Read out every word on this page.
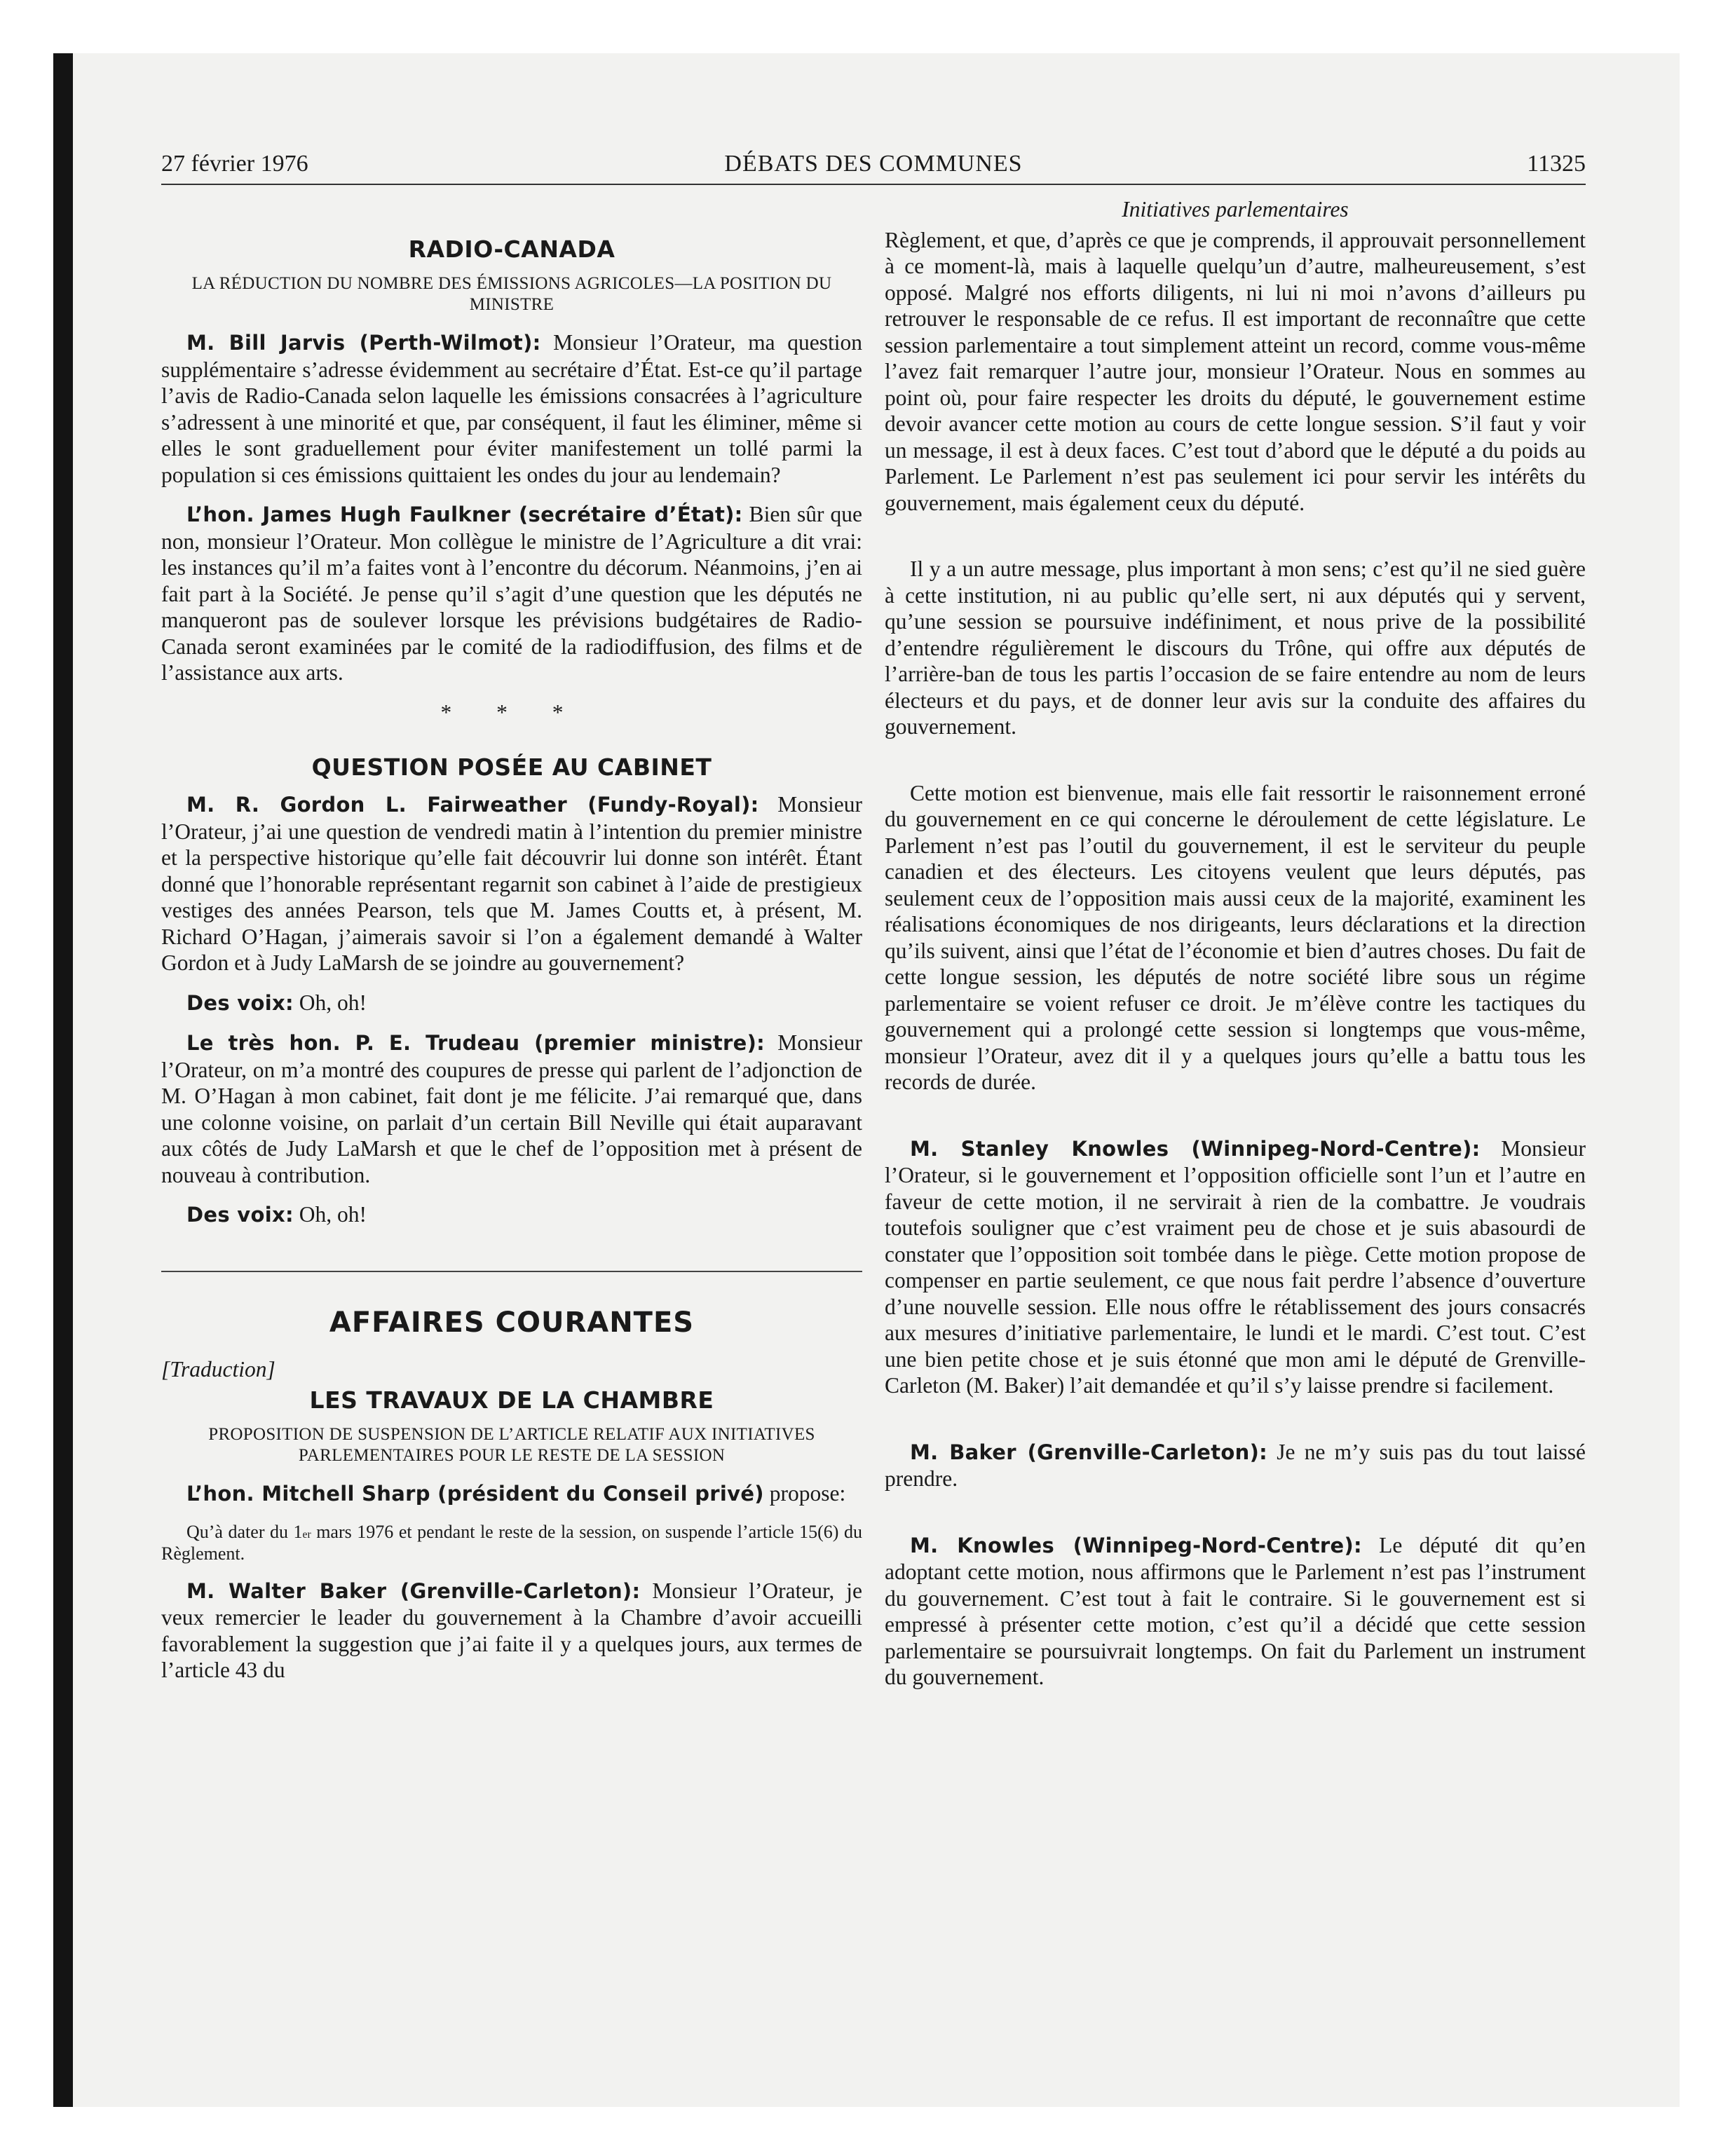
27 février 1976	DÉBATS DES COMMUNES	11325
RADIO-CANADA
LA RÉDUCTION DU NOMBRE DES ÉMISSIONS AGRICOLES—LA POSITION DU MINISTRE

M. Bill Jarvis (Perth-Wilmot): Monsieur l’Orateur, ma question supplémentaire s’adresse évidemment au secrétaire d’État. Est-ce qu’il partage l’avis de Radio-Canada selon laquelle les émissions consacrées à l’agriculture s’adressent à une minorité et que, par conséquent, il faut les éliminer, même si elles le sont graduellement pour éviter manifestement un tollé parmi la population si ces émissions quittaient les ondes du jour au lendemain?

L’hon. James Hugh Faulkner (secrétaire d’État): Bien sûr que non, monsieur l’Orateur. Mon collègue le ministre de l’Agriculture a dit vrai: les instances qu’il m’a faites vont à l’encontre du décorum. Néanmoins, j’en ai fait part à la Société. Je pense qu’il s’agit d’une question que les députés ne manqueront pas de soulever lorsque les prévisions budgétaires de Radio-Canada seront examinées par le comité de la radiodiffusion, des films et de l’assistance aux arts.

* * *
QUESTION POSÉE AU CABINET

M. R. Gordon L. Fairweather (Fundy-Royal): Monsieur l’Orateur, j’ai une question de vendredi matin à l’intention du premier ministre et la perspective historique qu’elle fait découvrir lui donne son intérêt. Étant donné que l’honorable représentant regarnit son cabinet à l’aide de prestigieux vestiges des années Pearson, tels que M. James Coutts et, à présent, M. Richard O’Hagan, j’aimerais savoir si l’on a également demandé à Walter Gordon et à Judy LaMarsh de se joindre au gouvernement?

Des voix: Oh, oh!

Le très hon. P. E. Trudeau (premier ministre): Monsieur l’Orateur, on m’a montré des coupures de presse qui parlent de l’adjonction de M. O’Hagan à mon cabinet, fait dont je me félicite. J’ai remarqué que, dans une colonne voisine, on parlait d’un certain Bill Neville qui était auparavant aux côtés de Judy LaMarsh et que le chef de l’opposition met à présent de nouveau à contribution.

Des voix: Oh, oh!

AFFAIRES COURANTES
[Traduction]
LES TRAVAUX DE LA CHAMBRE
PROPOSITION DE SUSPENSION DE L’ARTICLE RELATIF AUX INITIATIVES PARLEMENTAIRES POUR LE RESTE DE LA SESSION

L’hon. Mitchell Sharp (président du Conseil privé) propose:

Qu’à dater du 1er mars 1976 et pendant le reste de la session, on suspende l’article 15(6) du Règlement.

M. Walter Baker (Grenville-Carleton): Monsieur l’Orateur, je veux remercier le leader du gouvernement à la Chambre d’avoir accueilli favorablement la suggestion que j’ai faite il y a quelques jours, aux termes de l’article 43 du

Initiatives parlementaires

Règlement, et que, d’après ce que je comprends, il approuvait personnellement à ce moment-là, mais à laquelle quelqu’un d’autre, malheureusement, s’est opposé. Malgré nos efforts diligents, ni lui ni moi n’avons d’ailleurs pu retrouver le responsable de ce refus. Il est important de reconnaître que cette session parlementaire a tout simplement atteint un record, comme vous-même l’avez fait remarquer l’autre jour, monsieur l’Orateur. Nous en sommes au point où, pour faire respecter les droits du député, le gouvernement estime devoir avancer cette motion au cours de cette longue session. S’il faut y voir un message, il est à deux faces. C’est tout d’abord que le député a du poids au Parlement. Le Parlement n’est pas seulement ici pour servir les intérêts du gouvernement, mais également ceux du député.

Il y a un autre message, plus important à mon sens; c’est qu’il ne sied guère à cette institution, ni au public qu’elle sert, ni aux députés qui y servent, qu’une session se poursuive indéfiniment, et nous prive de la possibilité d’entendre régulièrement le discours du Trône, qui offre aux députés de l’arrière-ban de tous les partis l’occasion de se faire entendre au nom de leurs électeurs et du pays, et de donner leur avis sur la conduite des affaires du gouvernement.

Cette motion est bienvenue, mais elle fait ressortir le raisonnement erroné du gouvernement en ce qui concerne le déroulement de cette législature. Le Parlement n’est pas l’outil du gouvernement, il est le serviteur du peuple canadien et des électeurs. Les citoyens veulent que leurs députés, pas seulement ceux de l’opposition mais aussi ceux de la majorité, examinent les réalisations économiques de nos dirigeants, leurs déclarations et la direction qu’ils suivent, ainsi que l’état de l’économie et bien d’autres choses. Du fait de cette longue session, les députés de notre société libre sous un régime parlementaire se voient refuser ce droit. Je m’élève contre les tactiques du gouvernement qui a prolongé cette session si longtemps que vous-même, monsieur l’Orateur, avez dit il y a quelques jours qu’elle a battu tous les records de durée.

M. Stanley Knowles (Winnipeg-Nord-Centre): Monsieur l’Orateur, si le gouvernement et l’opposition officielle sont l’un et l’autre en faveur de cette motion, il ne servirait à rien de la combattre. Je voudrais toutefois souligner que c’est vraiment peu de chose et je suis abasourdi de constater que l’opposition soit tombée dans le piège. Cette motion propose de compenser en partie seulement, ce que nous fait perdre l’absence d’ouverture d’une nouvelle session. Elle nous offre le rétablissement des jours consacrés aux mesures d’initiative parlementaire, le lundi et le mardi. C’est tout. C’est une bien petite chose et je suis étonné que mon ami le député de Grenville-Carleton (M. Baker) l’ait demandée et qu’il s’y laisse prendre si facilement.

M. Baker (Grenville-Carleton): Je ne m’y suis pas du tout laissé prendre.

M. Knowles (Winnipeg-Nord-Centre): Le député dit qu’en adoptant cette motion, nous affirmons que le Parlement n’est pas l’instrument du gouvernement. C’est tout à fait le contraire. Si le gouvernement est si empressé à présenter cette motion, c’est qu’il a décidé que cette session parlementaire se poursuivrait longtemps. On fait du Parlement un instrument du gouvernement.
